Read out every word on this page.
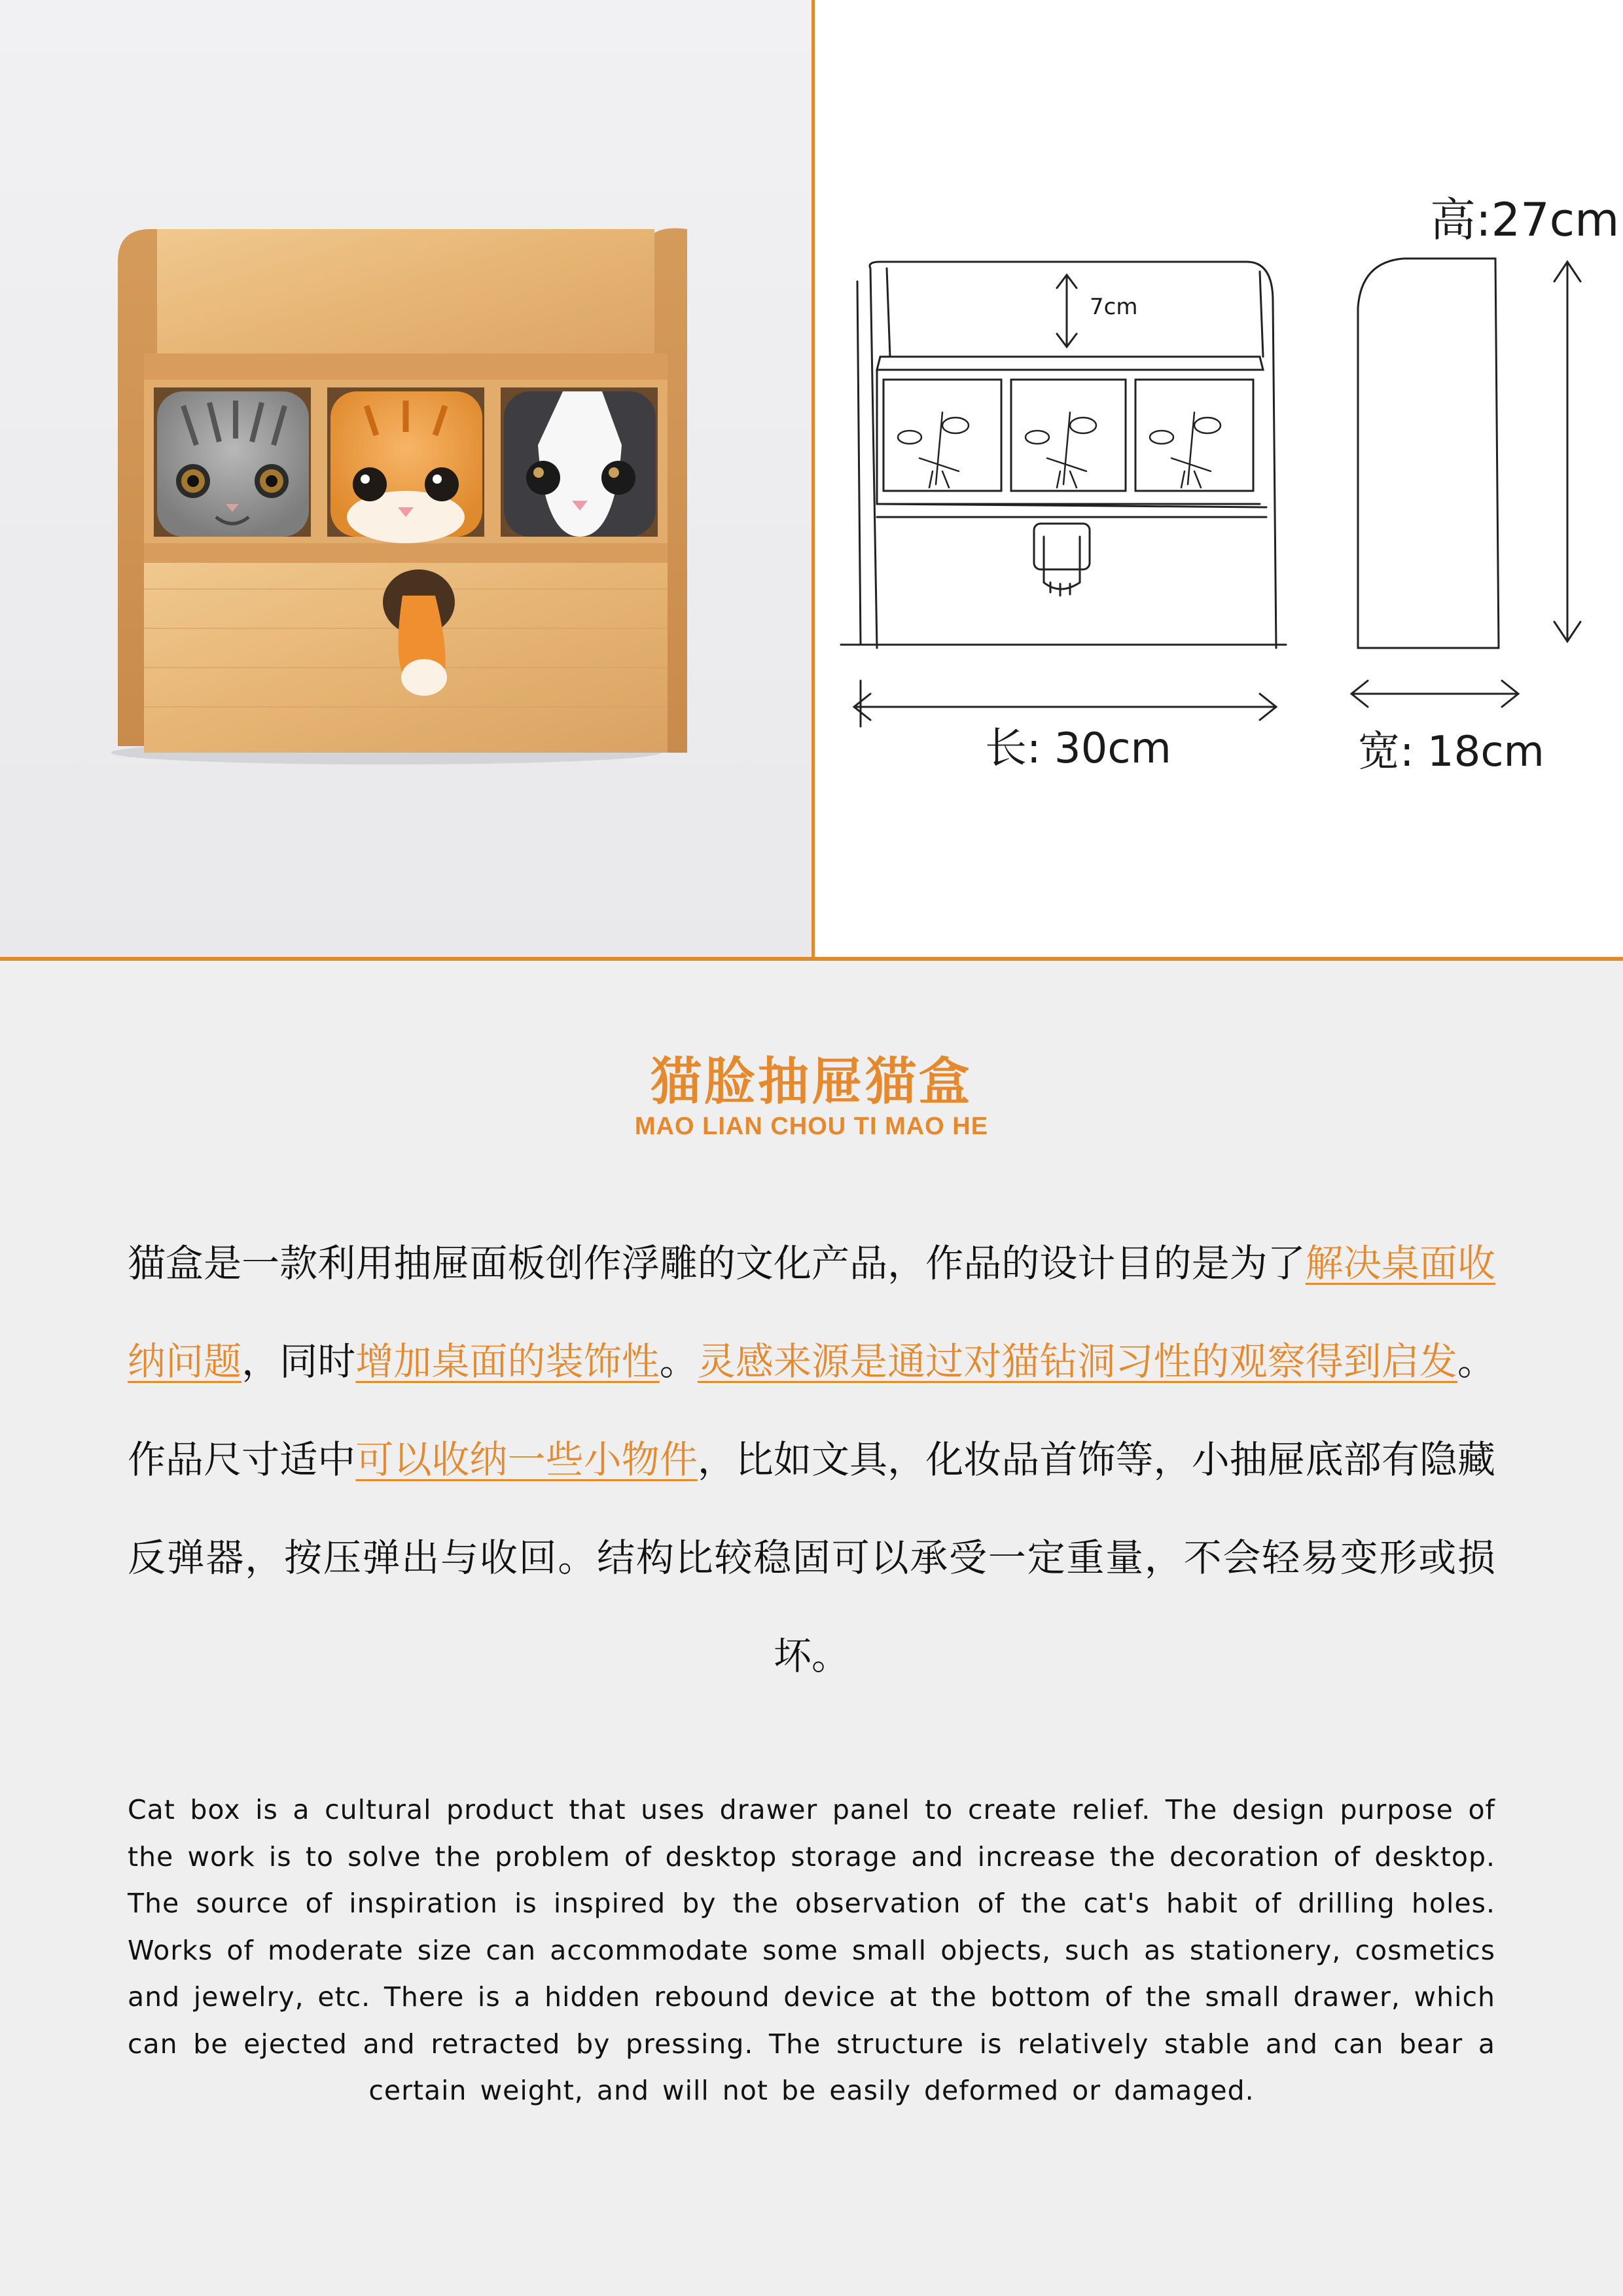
高:27cm
7cm
长: 30cm	宽: 18cm
猫脸抽屉猫盒
MAO LIAN CHOU TI MAO HE
猫盒是一款利用抽屉面板创作浮雕的文化产品，作品的设计目的是为了解决桌面收纳问题，同时增加桌面的装饰性。灵感来源是通过对猫钻洞习性的观察得到启发。作品尺寸适中可以收纳一些小物件，比如文具，化妆品首饰等，小抽屉底部有隐藏反弹器，按压弹出与收回。结构比较稳固可以承受一定重量，不会轻易变形或损坏。
Cat box is a cultural product that uses drawer panel to create relief. The design purpose of the work is to solve the problem of desktop storage and increase the decoration of desktop. The source of inspiration is inspired by the observation of the cat's habit of drilling holes. Works of moderate size can accommodate some small objects, such as stationery, cosmetics and jewelry, etc. There is a hidden rebound device at the bottom of the small drawer, which can be ejected and retracted by pressing. The structure is relatively stable and can bear a certain weight, and will not be easily deformed or damaged.
